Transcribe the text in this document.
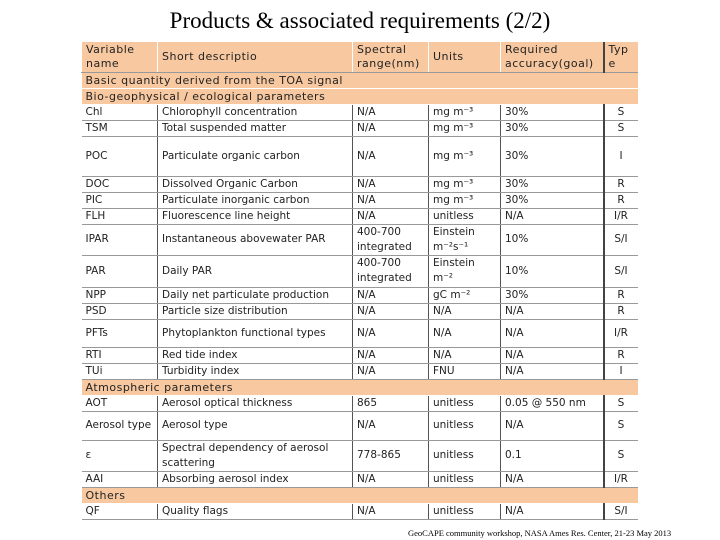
Products & associated requirements (2/2)
Variable name	Short descriptio	Spectral range(nm)	Units	Required accuracy(goal)	Type
Basic quantity derived from the TOA signal					
Bio-geophysical / ecological parameters					
Chl	Chlorophyll concentration	N/A	mg m⁻³	30%	S
TSM	Total suspended matter	N/A	mg m⁻³	30%	S
POC	Particulate organic carbon	N/A	mg m⁻³	30%	I
DOC	Dissolved Organic Carbon	N/A	mg m⁻³	30%	R
PIC	Particulate inorganic carbon	N/A	mg m⁻³	30%	R
FLH	Fluorescence line height	N/A	unitless	N/A	I/R
IPAR	Instantaneous abovewater PAR	400-700 integrated	Einstein m⁻²s⁻¹	10%	S/I
PAR	Daily PAR	400-700 integrated	Einstein m⁻²	10%	S/I
NPP	Daily net particulate production	N/A	gC m⁻²	30%	R
PSD	Particle size distribution	N/A	N/A	N/A	R
PFTs	Phytoplankton functional types	N/A	N/A	N/A	I/R
RTI	Red tide index	N/A	N/A	N/A	R
TUi	Turbidity index	N/A	FNU	N/A	I
Atmospheric parameters					
AOT	Aerosol optical thickness	865	unitless	0.05 @ 550 nm	S
Aerosol type	Aerosol type	N/A	unitless	N/A	S
ε	Spectral dependency of aerosol scattering	778-865	unitless	0.1	S
AAI	Absorbing aerosol index	N/A	unitless	N/A	I/R
Others					
QF	Quality flags	N/A	unitless	N/A	S/I
GeoCAPE community workshop, NASA Ames Res. Center, 21-23 May 2013
